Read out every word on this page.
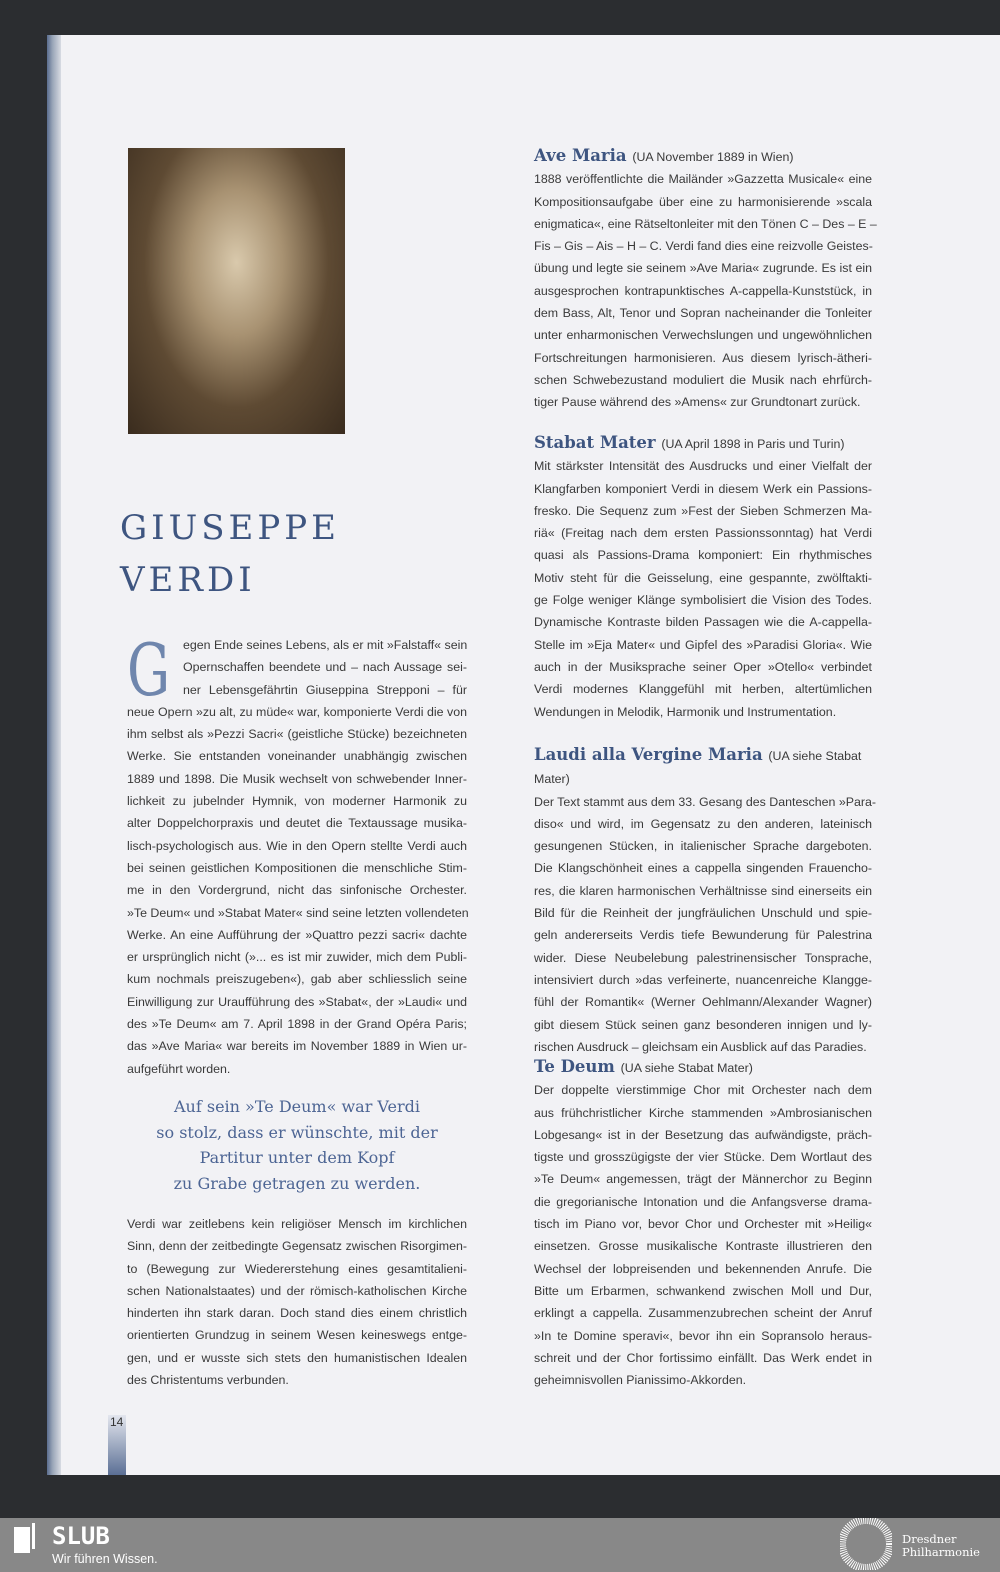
GIUSEPPE
VERDI
G egen Ende seines Lebens, als er mit »Falstaff« sein
Opernschaffen beendete und – nach Aussage sei-
ner Lebensgefährtin Giuseppina Strepponi – für
neue Opern »zu alt, zu müde« war, komponierte Verdi die von
ihm selbst als »Pezzi Sacri« (geistliche Stücke) bezeichneten
Werke. Sie entstanden voneinander unabhängig zwischen
1889 und 1898. Die Musik wechselt von schwebender Inner-
lichkeit zu jubelnder Hymnik, von moderner Harmonik zu
alter Doppelchorpraxis und deutet die Textaussage musika-
lisch-psychologisch aus. Wie in den Opern stellte Verdi auch
bei seinen geistlichen Kompositionen die menschliche Stim-
me in den Vordergrund, nicht das sinfonische Orchester.
»Te Deum« und »Stabat Mater« sind seine letzten vollendeten
Werke. An eine Aufführung der »Quattro pezzi sacri« dachte
er ursprünglich nicht (»... es ist mir zuwider, mich dem Publi-
kum nochmals preiszugeben«), gab aber schliesslich seine
Einwilligung zur Uraufführung des »Stabat«, der »Laudi« und
des »Te Deum« am 7. April 1898 in der Grand Opéra Paris;
das »Ave Maria« war bereits im November 1889 in Wien ur-
aufgeführt worden.
Auf sein »Te Deum« war Verdi
so stolz, dass er wünschte, mit der
Partitur unter dem Kopf
zu Grabe getragen zu werden.
Verdi war zeitlebens kein religiöser Mensch im kirchlichen
Sinn, denn der zeitbedingte Gegensatz zwischen Risorgimen-
to (Bewegung zur Wiedererstehung eines gesamtitalieni-
schen Nationalstaates) und der römisch-katholischen Kirche
hinderten ihn stark daran. Doch stand dies einem christlich
orientierten Grundzug in seinem Wesen keineswegs entge-
gen, und er wusste sich stets den humanistischen Idealen
des Christentums verbunden.
Ave Maria (UA November 1889 in Wien)
1888 veröffentlichte die Mailänder »Gazzetta Musicale« eine
Kompositionsaufgabe über eine zu harmonisierende »scala
enigmatica«, eine Rätseltonleiter mit den Tönen C – Des – E –
Fis – Gis – Ais – H – C. Verdi fand dies eine reizvolle Geistes-
übung und legte sie seinem »Ave Maria« zugrunde. Es ist ein
ausgesprochen kontrapunktisches A-cappella-Kunststück, in
dem Bass, Alt, Tenor und Sopran nacheinander die Tonleiter
unter enharmonischen Verwechslungen und ungewöhnlichen
Fortschreitungen harmonisieren. Aus diesem lyrisch-ätheri-
schen Schwebezustand moduliert die Musik nach ehrfürch-
tiger Pause während des »Amens« zur Grundtonart zurück.
Stabat Mater (UA April 1898 in Paris und Turin)
Mit stärkster Intensität des Ausdrucks und einer Vielfalt der
Klangfarben komponiert Verdi in diesem Werk ein Passions-
fresko. Die Sequenz zum »Fest der Sieben Schmerzen Ma-
riä« (Freitag nach dem ersten Passionssonntag) hat Verdi
quasi als Passions-Drama komponiert: Ein rhythmisches
Motiv steht für die Geisselung, eine gespannte, zwölftakti-
ge Folge weniger Klänge symbolisiert die Vision des Todes.
Dynamische Kontraste bilden Passagen wie die A-cappella-
Stelle im »Eja Mater« und Gipfel des »Paradisi Gloria«. Wie
auch in der Musiksprache seiner Oper »Otello« verbindet
Verdi modernes Klanggefühl mit herben, altertümlichen
Wendungen in Melodik, Harmonik und Instrumentation.
Laudi alla Vergine Maria (UA siehe Stabat Mater)
Der Text stammt aus dem 33. Gesang des Danteschen »Para-
diso« und wird, im Gegensatz zu den anderen, lateinisch
gesungenen Stücken, in italienischer Sprache dargeboten.
Die Klangschönheit eines a cappella singenden Frauencho-
res, die klaren harmonischen Verhältnisse sind einerseits ein
Bild für die Reinheit der jungfräulichen Unschuld und spie-
geln andererseits Verdis tiefe Bewunderung für Palestrina
wider. Diese Neubelebung palestrinensischer Tonsprache,
intensiviert durch »das verfeinerte, nuancenreiche Klangge-
fühl der Romantik« (Werner Oehlmann/Alexander Wagner)
gibt diesem Stück seinen ganz besonderen innigen und ly-
rischen Ausdruck – gleichsam ein Ausblick auf das Paradies.
Te Deum (UA siehe Stabat Mater)
Der doppelte vierstimmige Chor mit Orchester nach dem
aus frühchristlicher Kirche stammenden »Ambrosianischen
Lobgesang« ist in der Besetzung das aufwändigste, präch-
tigste und grosszügigste der vier Stücke. Dem Wortlaut des
»Te Deum« angemessen, trägt der Männerchor zu Beginn
die gregorianische Intonation und die Anfangsverse drama-
tisch im Piano vor, bevor Chor und Orchester mit »Heilig«
einsetzen. Grosse musikalische Kontraste illustrieren den
Wechsel der lobpreisenden und bekennenden Anrufe. Die
Bitte um Erbarmen, schwankend zwischen Moll und Dur,
erklingt a cappella. Zusammenzubrechen scheint der Anruf
»In te Domine speravi«, bevor ihn ein Sopransolo heraus-
schreit und der Chor fortissimo einfällt. Das Werk endet in
geheimnisvollen Pianissimo-Akkorden.
14
SLUB
Wir führen Wissen.
Dresdner
Philharmonie
